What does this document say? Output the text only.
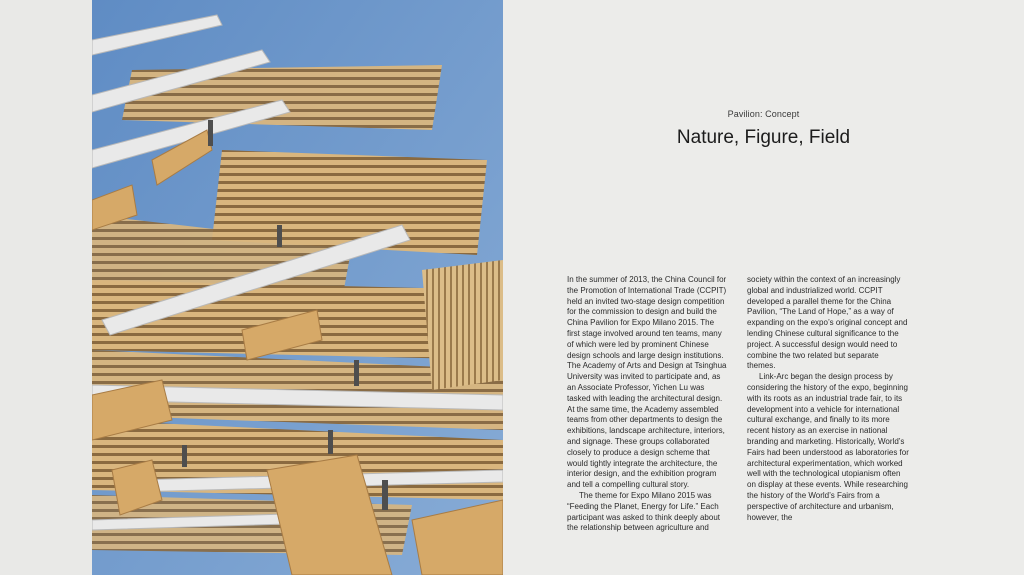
Pavilion: Concept
Nature, Figure, Field

In the summer of 2013, the China Council for the Promotion of International Trade (CCPIT) held an invited two-stage design competition for the commission to design and build the China Pavilion for Expo Milano 2015. The first stage involved around ten teams, many of which were led by prominent Chinese design schools and large design institutions. The Academy of Arts and Design at Tsinghua University was invited to participate and, as an Associate Professor, Yichen Lu was tasked with leading the architectural design. At the same time, the Academy assembled teams from other departments to design the exhibitions, landscape architecture, interiors, and signage. These groups collaborated closely to produce a design scheme that would tightly integrate the architecture, the interior design, and the exhibition program and tell a compelling cultural story.

The theme for Expo Milano 2015 was “Feeding the Planet, Energy for Life.” Each participant was asked to think deeply about the relationship between agriculture and

society within the context of an increasingly global and industrialized world. CCPIT developed a parallel theme for the China Pavilion, “The Land of Hope,” as a way of expanding on the expo’s original concept and lending Chinese cultural significance to the project. A successful design would need to combine the two related but separate themes.

Link-Arc began the design process by considering the history of the expo, beginning with its roots as an industrial trade fair, to its development into a vehicle for international cultural exchange, and finally to its more recent history as an exercise in national branding and marketing. Historically, World’s Fairs had been understood as laboratories for architectural experimentation, which worked well with the technological utopianism often on display at these events. While researching the history of the World’s Fairs from a perspective of architecture and urbanism, however, the
